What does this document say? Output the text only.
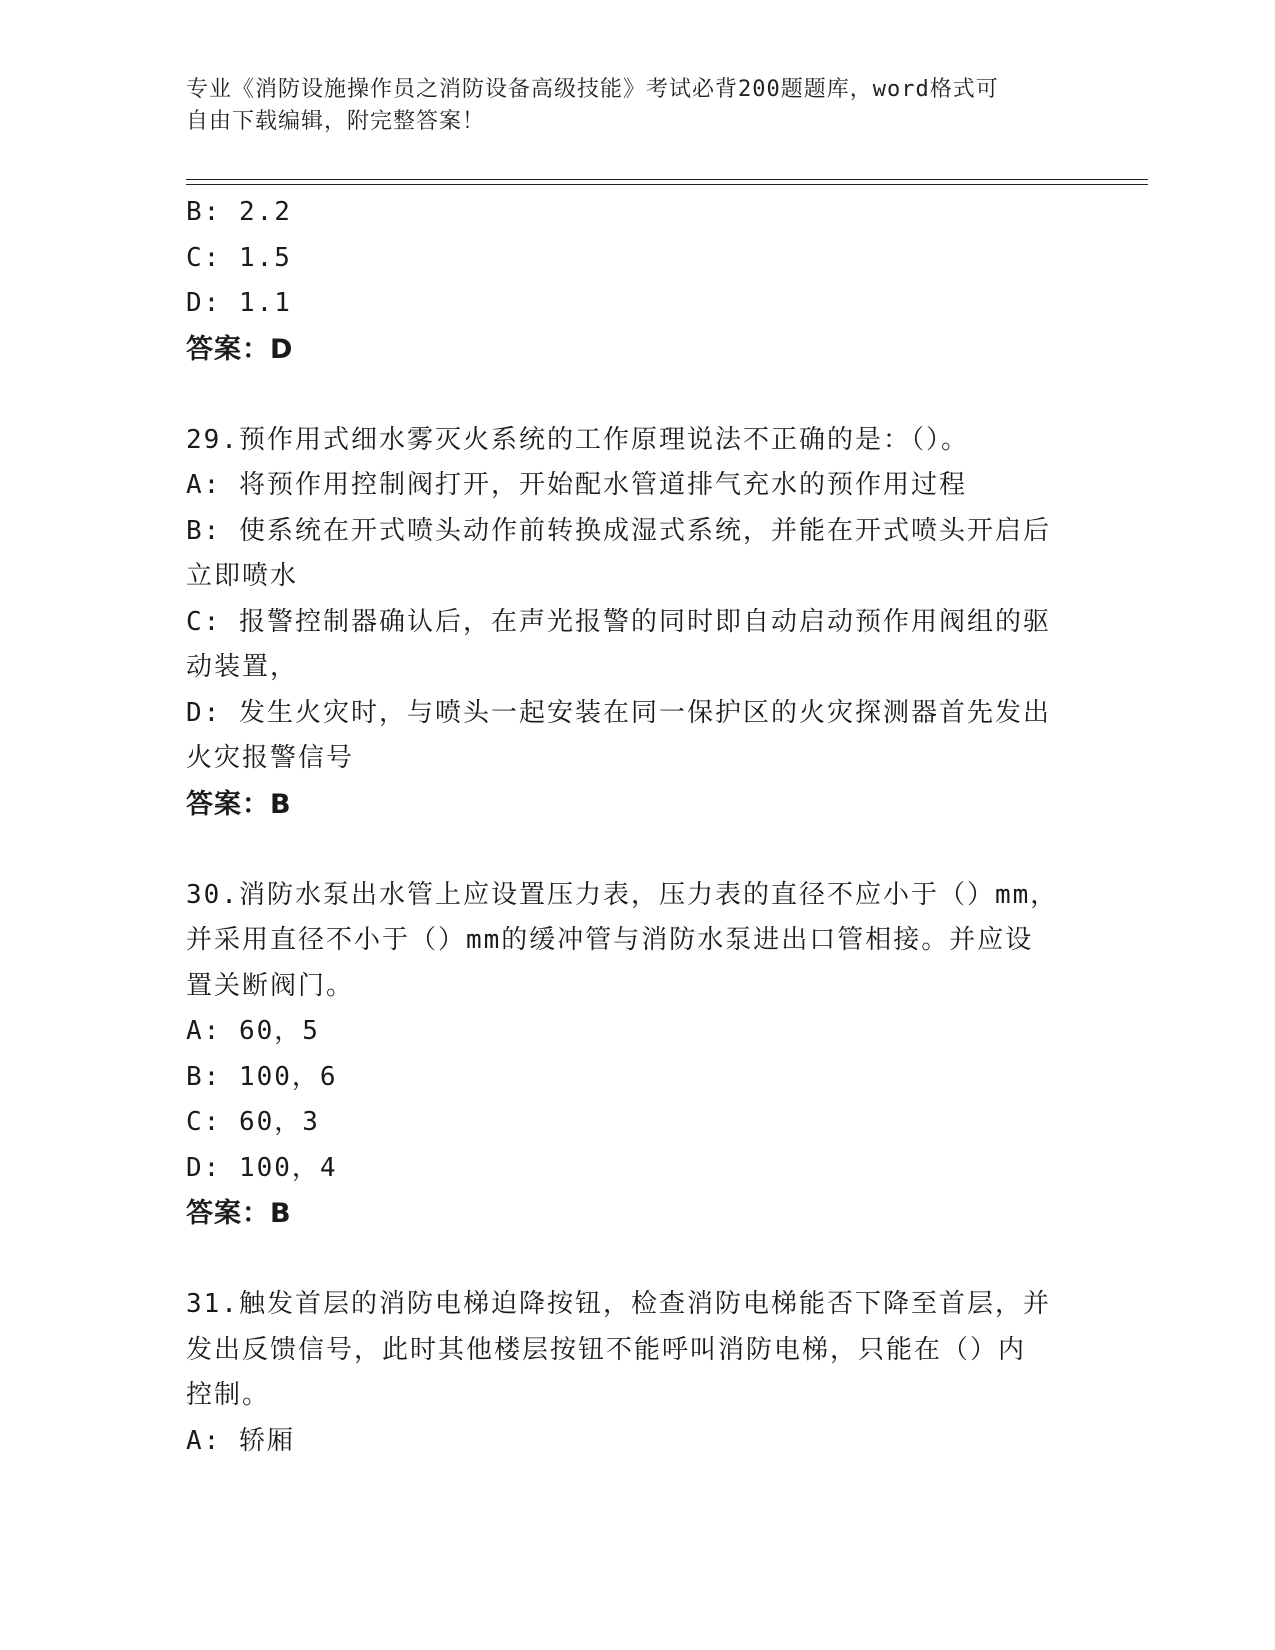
专业《消防设施操作员之消防设备高级技能》考试必背200题题库，word格式可
自由下载编辑，附完整答案！
B: 2.2
C: 1.5
D: 1.1
答案：D
29.预作用式细水雾灭火系统的工作原理说法不正确的是：（）。
A: 将预作用控制阀打开，开始配水管道排气充水的预作用过程
B: 使系统在开式喷头动作前转换成湿式系统，并能在开式喷头开启后
立即喷水
C: 报警控制器确认后，在声光报警的同时即自动启动预作用阀组的驱
动装置，
D: 发生火灾时，与喷头一起安装在同一保护区的火灾探测器首先发出
火灾报警信号
答案：B
30.消防水泵出水管上应设置压力表，压力表的直径不应小于（）mm，
并采用直径不小于（）mm的缓冲管与消防水泵进出口管相接。并应设
置关断阀门。
A: 60，5
B: 100，6
C: 60，3
D: 100，4
答案：B
31.触发首层的消防电梯迫降按钮，检查消防电梯能否下降至首层，并
发出反馈信号，此时其他楼层按钮不能呼叫消防电梯，只能在（）内
控制。
A: 轿厢
